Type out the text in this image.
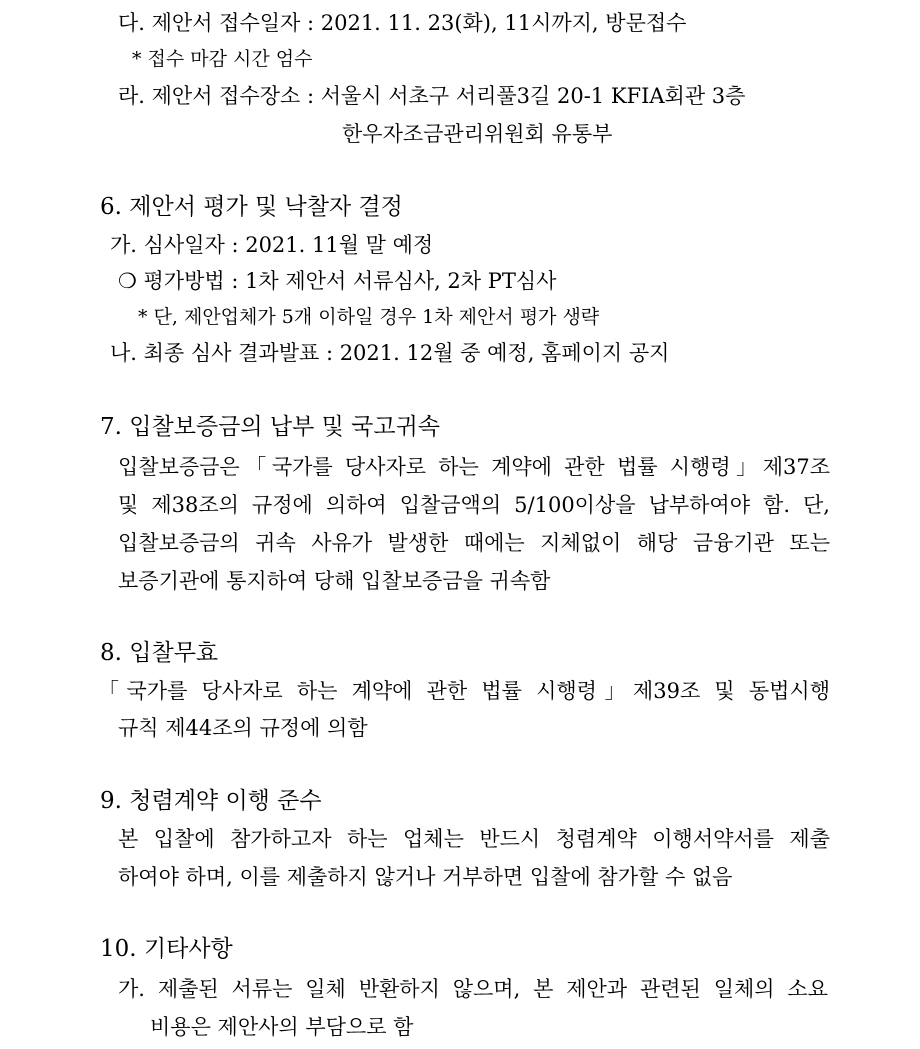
다. 제안서 접수일자 : 2021. 11. 23(화), 11시까지, 방문접수
* 접수 마감 시간 엄수
라. 제안서 접수장소 : 서울시 서초구 서리풀3길 20-1 KFIA회관 3층
한우자조금관리위원회 유통부
6. 제안서 평가 및 낙찰자 결정
가. 심사일자 : 2021. 11월 말 예정
❍ 평가방법 : 1차 제안서 서류심사, 2차 PT심사
* 단, 제안업체가 5개 이하일 경우 1차 제안서 평가 생략
나. 최종 심사 결과발표 : 2021. 12월 중 예정, 홈페이지 공지
7. 입찰보증금의 납부 및 국고귀속
입찰보증금은「국가를 당사자로 하는 계약에 관한 법률 시행령」제37조
및 제38조의 규정에 의하여 입찰금액의 5/100이상을 납부하여야 함. 단,
입찰보증금의 귀속 사유가 발생한 때에는 지체없이 해당 금융기관 또는
보증기관에 통지하여 당해 입찰보증금을 귀속함
8. 입찰무효
「국가를 당사자로 하는 계약에 관한 법률 시행령」제39조 및 동법시행
규칙 제44조의 규정에 의함
9. 청렴계약 이행 준수
본 입찰에 참가하고자 하는 업체는 반드시 청렴계약 이행서약서를 제출
하여야 하며, 이를 제출하지 않거나 거부하면 입찰에 참가할 수 없음
10. 기타사항
가. 제출된 서류는 일체 반환하지 않으며, 본 제안과 관련된 일체의 소요
비용은 제안사의 부담으로 함
